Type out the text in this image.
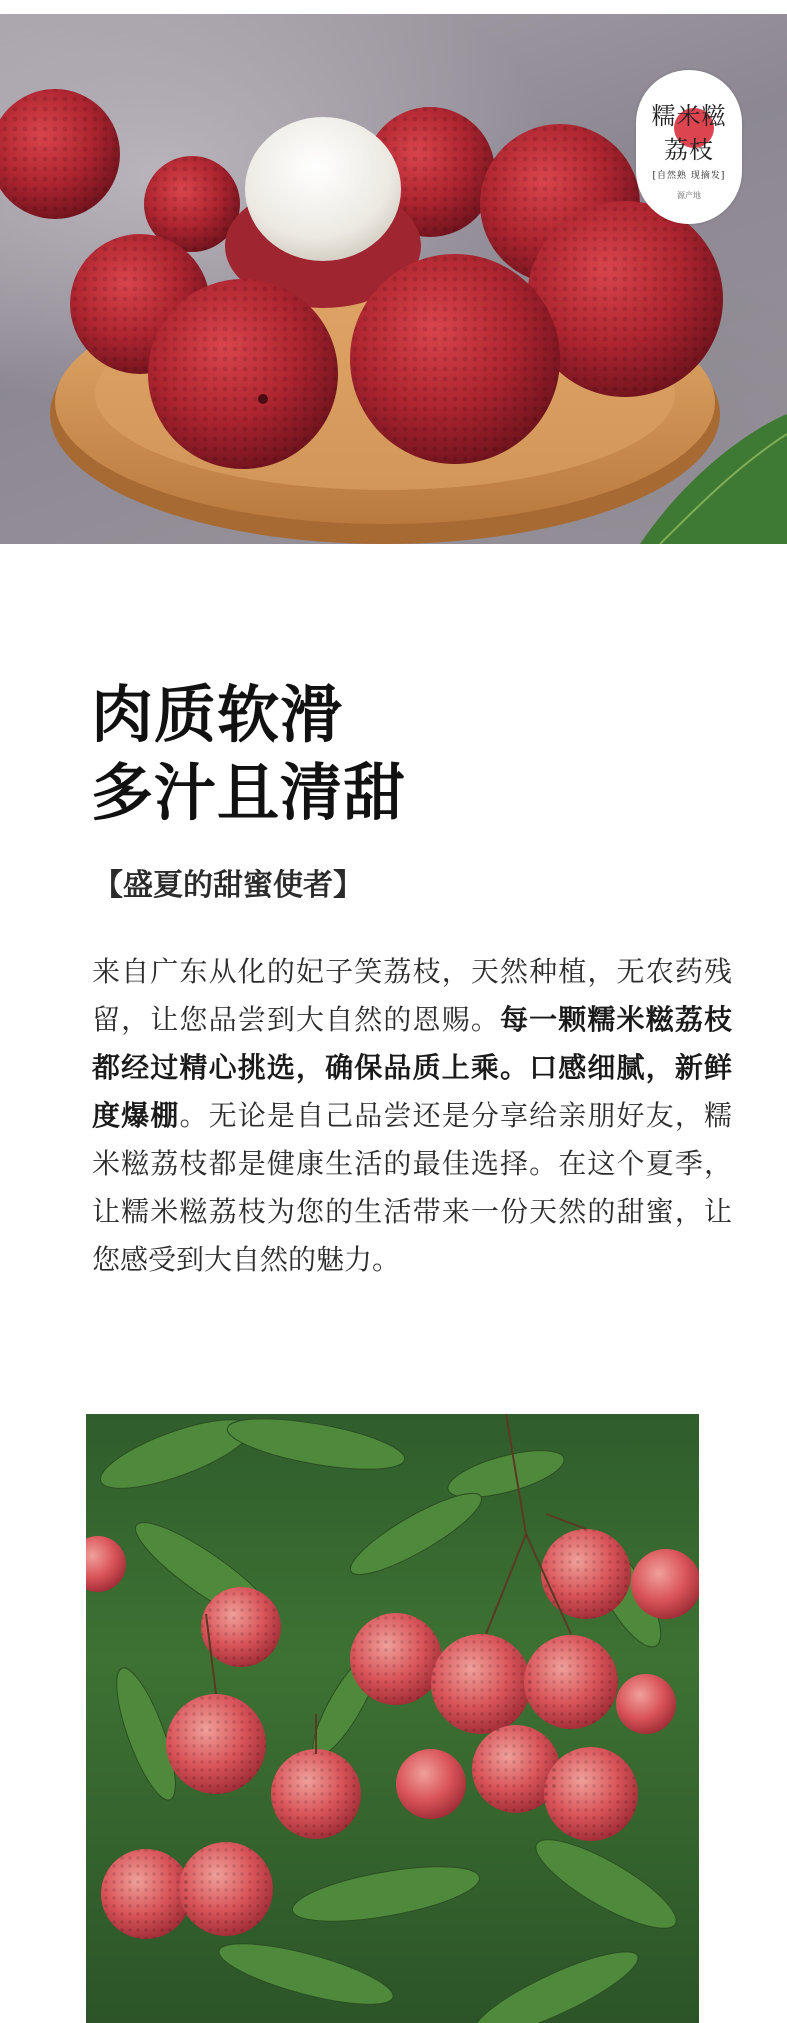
糯米糍
荔枝
[自然熟 现摘发]
源产地
肉质软滑
多汁且清甜
【盛夏的甜蜜使者】

来自广东从化的妃子笑荔枝，天然种植，无农药残留，让您品尝到大自然的恩赐。每一颗糯米糍荔枝都经过精心挑选，确保品质上乘。口感细腻，新鲜度爆棚。无论是自己品尝还是分享给亲朋好友，糯米糍荔枝都是健康生活的最佳选择。在这个夏季，让糯米糍荔枝为您的生活带来一份天然的甜蜜，让您感受到大自然的魅力。
